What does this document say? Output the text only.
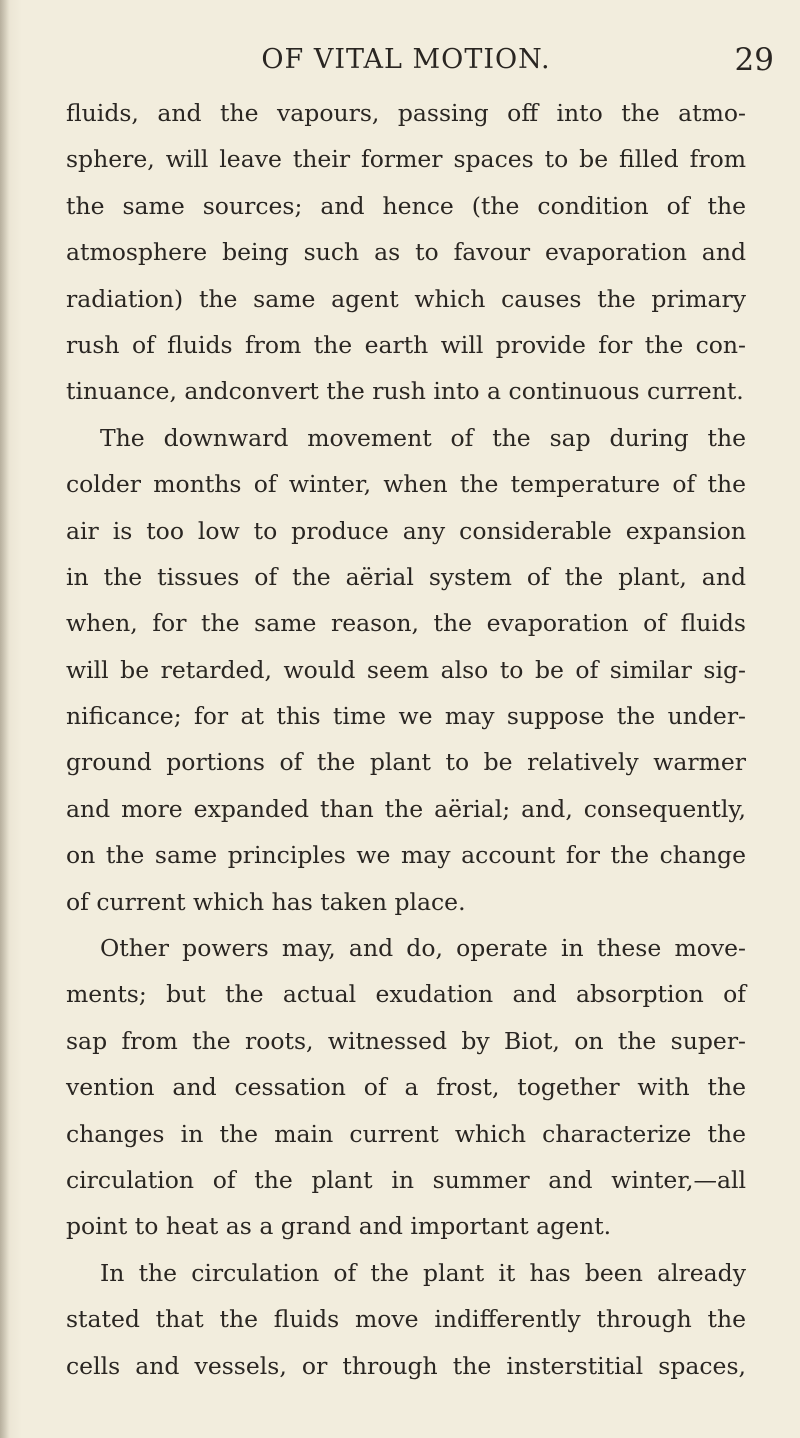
OF VITAL MOTION.	29
fluids, and the vapours, passing off into the atmo-
sphere, will leave their former spaces to be filled from
the same sources; and hence (the condition of the
atmosphere being such as to favour evaporation and
radiation) the same agent which causes the primary
rush of fluids from the earth will provide for the con-
tinuance, andconvert the rush into a continuous current.
The downward movement of the sap during the
colder months of winter, when the temperature of the
air is too low to produce any considerable expansion
in the tissues of the aërial system of the plant, and
when, for the same reason, the evaporation of fluids
will be retarded, would seem also to be of similar sig-
nificance; for at this time we may suppose the under-
ground portions of the plant to be relatively warmer
and more expanded than the aërial; and, consequently,
on the same principles we may account for the change
of current which has taken place.
Other powers may, and do, operate in these move-
ments; but the actual exudation and absorption of
sap from the roots, witnessed by Biot, on the super-
vention and cessation of a frost, together with the
changes in the main current which characterize the
circulation of the plant in summer and winter,—all
point to heat as a grand and important agent.
In the circulation of the plant it has been already
stated that the fluids move indifferently through the
cells and vessels, or through the insterstitial spaces,
